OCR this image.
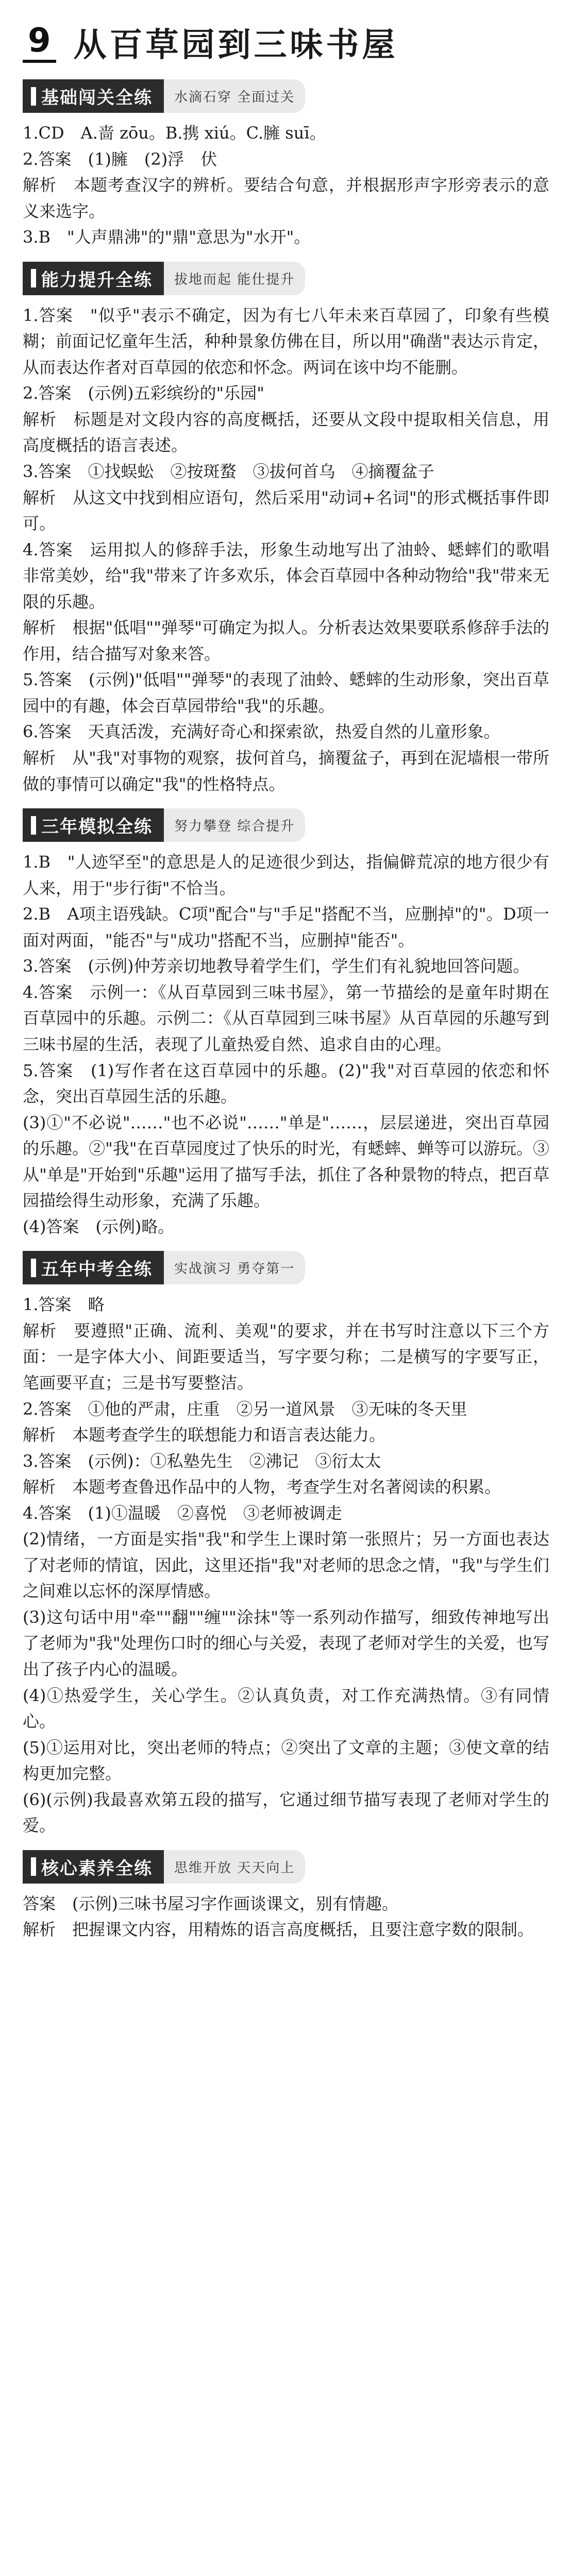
9 从百草园到三味书屋
基础闯关全练	水滴石穿 全面过关

1.CD　A.啬 zōu。B.携 xiú。C.臃 suī。

2.答案　(1)臃　(2)浮　伏

解析　本题考查汉字的辨析。要结合句意，并根据形声字形旁表示的意义来选字。

3.B　"人声鼎沸"的"鼎"意思为"水开"。

能力提升全练	拔地而起 能仕提升

1.答案　"似乎"表示不确定，因为有七八年未来百草园了，印象有些模糊；前面记忆童年生活，种种景象仿佛在目，所以用"确凿"表达示肯定，从而表达作者对百草园的依恋和怀念。两词在该中均不能删。

2.答案　(示例)五彩缤纷的"乐园"

解析　标题是对文段内容的高度概括，还要从文段中提取相关信息，用高度概括的语言表述。

3.答案　①找蜈蚣　②按斑蝥　③拔何首乌　④摘覆盆子

解析　从这文中找到相应语句，然后采用"动词+名词"的形式概括事件即可。

4.答案　运用拟人的修辞手法，形象生动地写出了油蛉、蟋蟀们的歌唱非常美妙，给"我"带来了许多欢乐，体会百草园中各种动物给"我"带来无限的乐趣。

解析　根据"低唱""弹琴"可确定为拟人。分析表达效果要联系修辞手法的作用，结合描写对象来答。

5.答案　(示例)"低唱""弹琴"的表现了油蛉、蟋蟀的生动形象，突出百草园中的有趣，体会百草园带给"我"的乐趣。

6.答案　天真活泼，充满好奇心和探索欲，热爱自然的儿童形象。

解析　从"我"对事物的观察，拔何首乌，摘覆盆子，再到在泥墙根一带所做的事情可以确定"我"的性格特点。

三年模拟全练	努力攀登 综合提升

1.B　"人迹罕至"的意思是人的足迹很少到达，指偏僻荒凉的地方很少有人来，用于"步行街"不恰当。

2.B　A项主语残缺。C项"配合"与"手足"搭配不当，应删掉"的"。D项一面对两面，"能否"与"成功"搭配不当，应删掉"能否"。

3.答案　(示例)仲芳亲切地教导着学生们，学生们有礼貌地回答问题。

4.答案　示例一：《从百草园到三味书屋》，第一节描绘的是童年时期在百草园中的乐趣。示例二：《从百草园到三味书屋》从百草园的乐趣写到三味书屋的生活，表现了儿童热爱自然、追求自由的心理。

5.答案　(1)写作者在这百草园中的乐趣。(2)"我"对百草园的依恋和怀念，突出百草园生活的乐趣。

(3)①"不必说"……"也不必说"……"单是"……，层层递进，突出百草园的乐趣。②"我"在百草园度过了快乐的时光，有蟋蟀、蝉等可以游玩。③从"单是"开始到"乐趣"运用了描写手法，抓住了各种景物的特点，把百草园描绘得生动形象，充满了乐趣。

(4)答案　(示例)略。

五年中考全练	实战演习 勇夺第一

1.答案　略

解析　要遵照"正确、流利、美观"的要求，并在书写时注意以下三个方面：一是字体大小、间距要适当，写字要匀称；二是横写的字要写正，笔画要平直；三是书写要整洁。

2.答案　①他的严肃，庄重　②另一道风景　③无味的冬天里

解析　本题考查学生的联想能力和语言表达能力。

3.答案　(示例)：①私塾先生　②沸记　③衍太太

解析　本题考查鲁迅作品中的人物，考查学生对名著阅读的积累。

4.答案　(1)①温暖　②喜悦　③老师被调走

(2)情绪，一方面是实指"我"和学生上课时第一张照片；另一方面也表达了对老师的情谊，因此，这里还指"我"对老师的思念之情，"我"与学生们之间难以忘怀的深厚情感。

(3)这句话中用"牵""翻""缠""涂抹"等一系列动作描写，细致传神地写出了老师为"我"处理伤口时的细心与关爱，表现了老师对学生的关爱，也写出了孩子内心的温暖。

(4)①热爱学生，关心学生。②认真负责，对工作充满热情。③有同情心。

(5)①运用对比，突出老师的特点；②突出了文章的主题；③使文章的结构更加完整。

(6)(示例)我最喜欢第五段的描写，它通过细节描写表现了老师对学生的爱。

核心素养全练	思维开放 天天向上

答案　(示例)三味书屋习字作画谈课文，别有情趣。

解析　把握课文内容，用精炼的语言高度概括，且要注意字数的限制。
